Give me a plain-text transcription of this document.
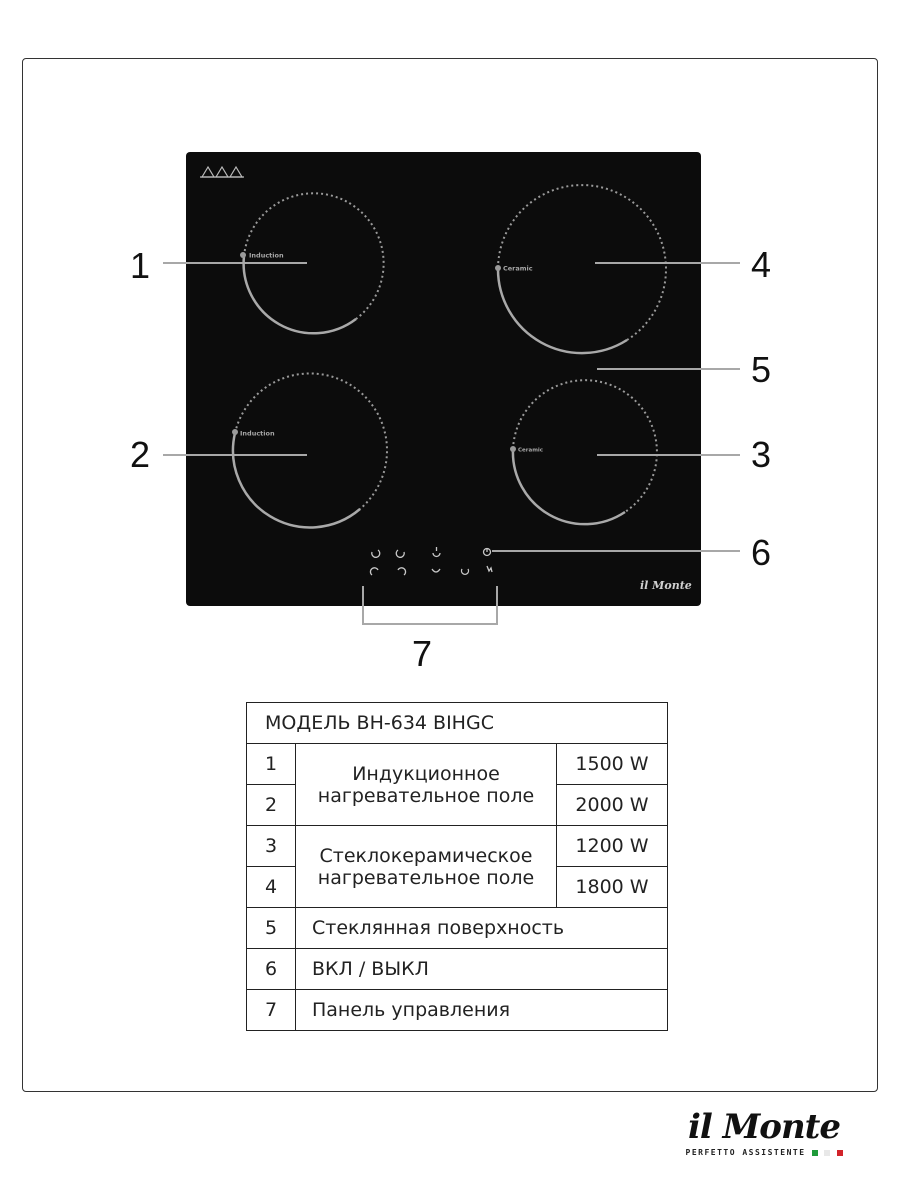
Induction
Ceramic
Induction
Ceramic
il Monte
1
2	3
4
5
6
7
МОДЕЛЬ ВН-634 BIHGC		
1	Индукционное нагревательное поле	1500 W
2		2000 W
3	Стеклокерамическое нагревательное поле	1200 W
4		1800 W
5	Стеклянная поверхность	
6	ВКЛ / ВЫКЛ	
7	Панель управления	
il Monte
PERFETTO ASSISTENTE
